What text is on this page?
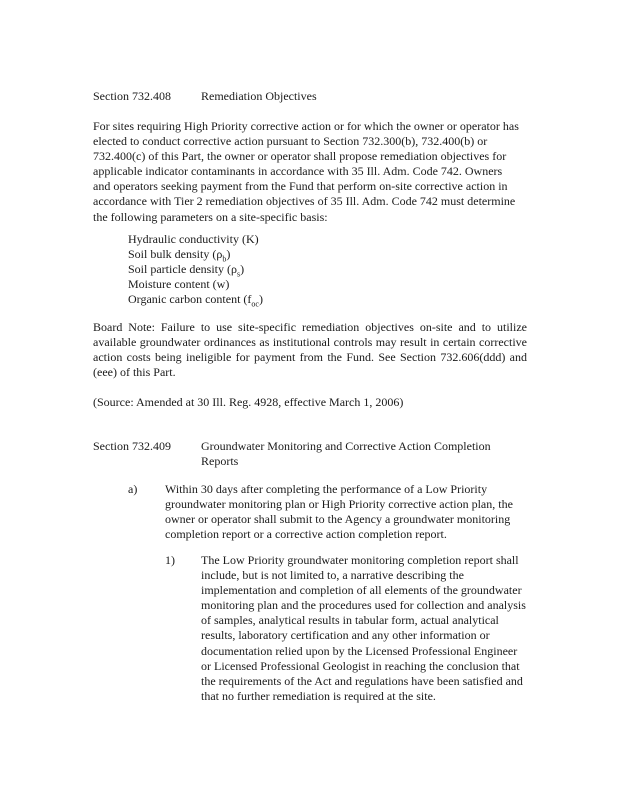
Section 732.408	Remediation Objectives

For sites requiring High Priority corrective action or for which the owner or operator has elected to conduct corrective action pursuant to Section 732.300(b), 732.400(b) or 732.400(c) of this Part, the owner or operator shall propose remediation objectives for applicable indicator contaminants in accordance with 35 Ill. Adm. Code 742. Owners and operators seeking payment from the Fund that perform on-site corrective action in accordance with Tier 2 remediation objectives of 35 Ill. Adm. Code 742 must determine the following parameters on a site-specific basis:

Hydraulic conductivity (K)
Soil bulk density $(\rho_b)$
Soil particle density $(\rho_s)$
Moisture content (w)
Organic carbon content $(f_{oc})$

Board Note: Failure to use site-specific remediation objectives on-site and to utilize available groundwater ordinances as institutional controls may result in certain corrective action costs being ineligible for payment from the Fund. See Section 732.606(ddd) and (eee) of this Part.

(Source: Amended at 30 Ill. Reg. 4928, effective March 1, 2006)

Section 732.409	Groundwater Monitoring and Corrective Action Completion Reports
a) Within 30 days after completing the performance of a Low Priority groundwater monitoring plan or High Priority corrective action plan, the owner or operator shall submit to the Agency a groundwater monitoring completion report or a corrective action completion report.

1) The Low Priority groundwater monitoring completion report shall include, but is not limited to, a narrative describing the implementation and completion of all elements of the groundwater monitoring plan and the procedures used for collection and analysis of samples, analytical results in tabular form, actual analytical results, laboratory certification and any other information or documentation relied upon by the Licensed Professional Engineer or Licensed Professional Geologist in reaching the conclusion that the requirements of the Act and regulations have been satisfied and that no further remediation is required at the site.
